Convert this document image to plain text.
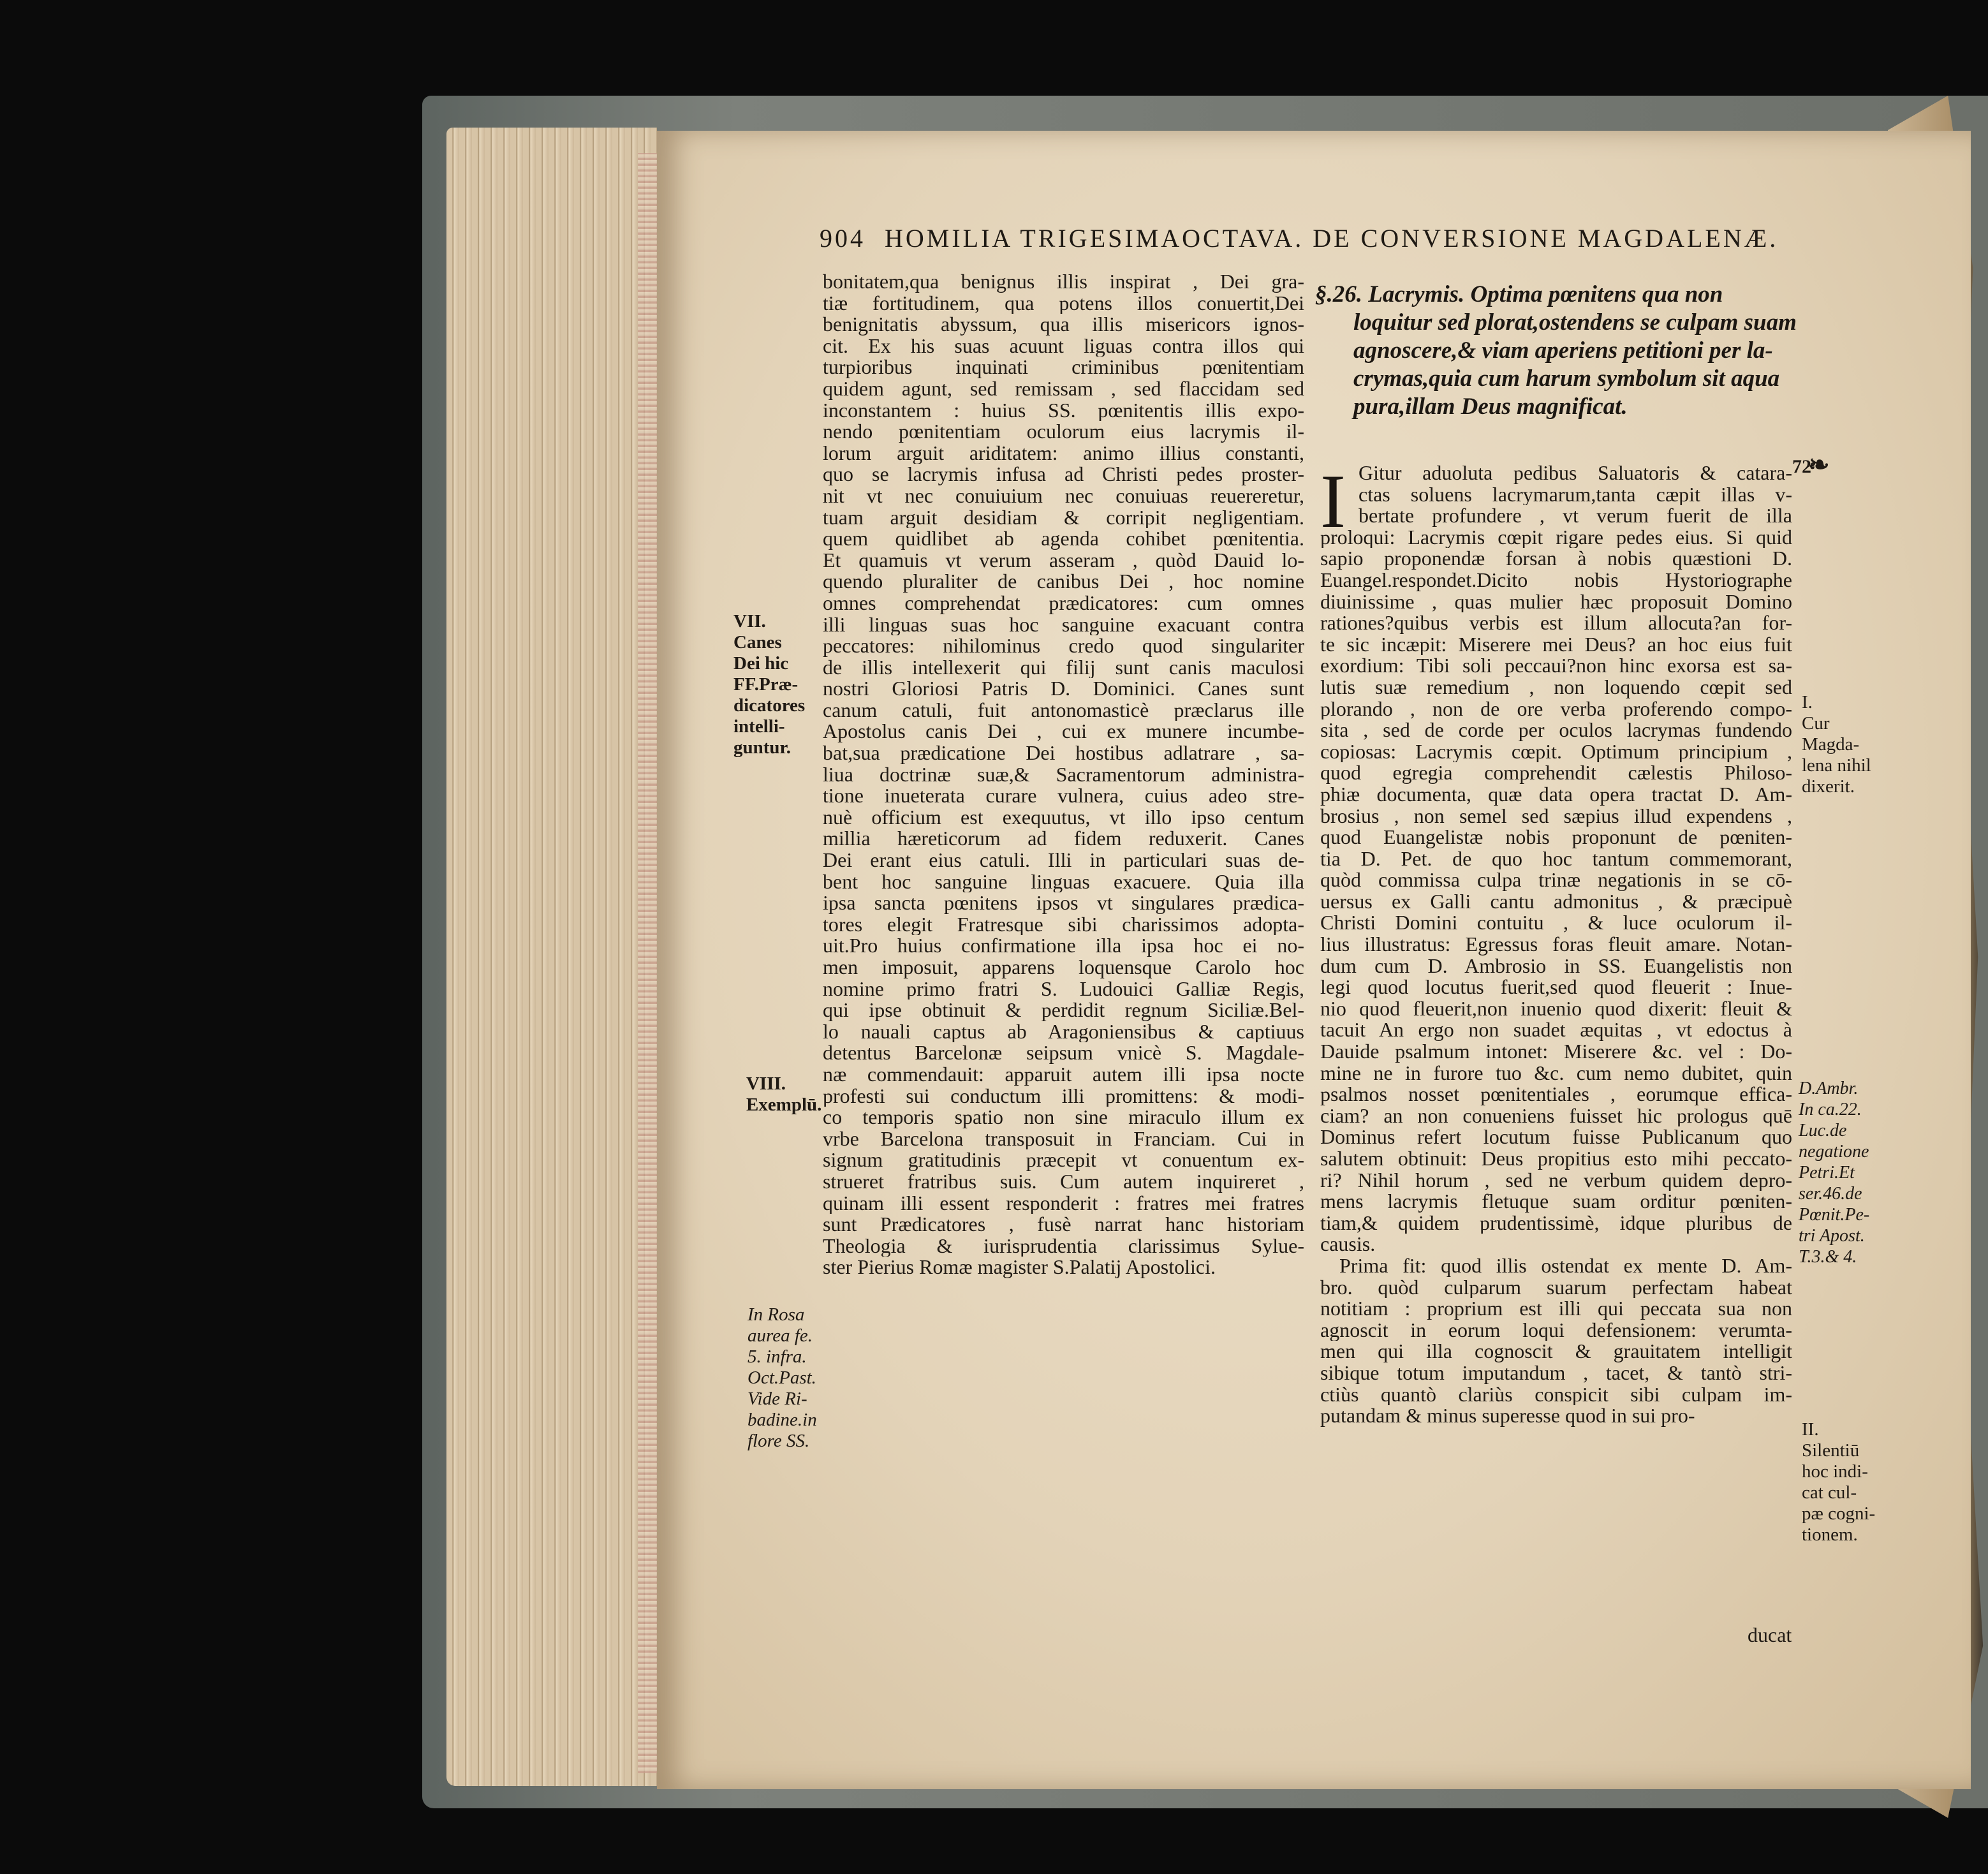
904 HOMILIA TRIGESIMAOCTAVA. DE CONVERSIONE MAGDALENÆ.
bonitatem,qua benignus illis inspirat , Dei gra-
tiæ fortitudinem, qua potens illos conuertit,Dei
benignitatis abyssum, qua illis misericors ignos-
cit. Ex his suas acuunt liguas contra illos qui
turpioribus inquinati criminibus pœnitentiam
quidem agunt, sed remissam , sed flaccidam sed
inconstantem : huius SS. pœnitentis illis expo-
nendo pœnitentiam oculorum eius lacrymis il-
lorum arguit ariditatem: animo illius constanti,
quo se lacrymis infusa ad Christi pedes proster-
nit vt nec conuiuium nec conuiuas reuereretur,
tuam arguit desidiam & corripit negligentiam.
quem quidlibet ab agenda cohibet pœnitentia.
Et quamuis vt verum asseram , quòd Dauid lo-
quendo pluraliter de canibus Dei , hoc nomine
omnes comprehendat prædicatores: cum omnes
illi linguas suas hoc sanguine exacuant contra
peccatores: nihilominus credo quod singulariter
de illis intellexerit qui filij sunt canis maculosi
nostri Gloriosi Patris D. Dominici. Canes sunt
canum catuli, fuit antonomasticè præclarus ille
Apostolus canis Dei , cui ex munere incumbe-
bat,sua prædicatione Dei hostibus adlatrare , sa-
liua doctrinæ suæ,& Sacramentorum administra-
tione inueterata curare vulnera, cuius adeo stre-
nuè officium est exequutus, vt illo ipso centum
millia hæreticorum ad fidem reduxerit. Canes
Dei erant eius catuli. Illi in particulari suas de-
bent hoc sanguine linguas exacuere. Quia illa
ipsa sancta pœnitens ipsos vt singulares prædica-
tores elegit Fratresque sibi charissimos adopta-
uit.Pro huius confirmatione illa ipsa hoc ei no-
men imposuit, apparens loquensque Carolo hoc
nomine primo fratri S. Ludouici Galliæ Regis,
qui ipse obtinuit & perdidit regnum Siciliæ.Bel-
lo nauali captus ab Aragoniensibus & captiuus
detentus Barcelonæ seipsum vnicè S. Magdale-
næ commendauit: apparuit autem illi ipsa nocte
profesti sui conductum illi promittens: & modi-
co temporis spatio non sine miraculo illum ex
vrbe Barcelona transposuit in Franciam. Cui in
signum gratitudinis præcepit vt conuentum ex-
strueret fratribus suis. Cum autem inquireret ,
quinam illi essent responderit : fratres mei fratres
sunt Prædicatores , fusè narrat hanc historiam
Theologia & iurisprudentia clarissimus Sylue-
ster Pierius Romæ magister S.Palatij Apostolici.
VII.
Canes
Dei hic
FF.Præ-
dicatores
intelli-
guntur.
VIII.
Exemplū.
In Rosa
aurea fe.
5. infra.
Oct.Past.
Vide Ri-
badine.in
flore SS.
§.26. Lacrymis. Optima pœnitens qua non
loquitur sed plorat,ostendens se culpam suam
agnoscere,& viam aperiens petitioni per la-
crymas,quia cum harum symbolum sit aqua
pura,illam Deus magnificat.
I Gitur aduoluta pedibus Saluatoris & catara-
ctas soluens lacrymarum,tanta cæpit illas v-
bertate profundere , vt verum fuerit de illa
proloqui: Lacrymis cœpit rigare pedes eius. Si quid
sapio proponendæ forsan à nobis quæstioni D.
Euangel.respondet.Dicito nobis Hystoriographe
diuinissime , quas mulier hæc proposuit Domino
rationes?quibus verbis est illum allocuta?an for-
te sic incæpit: Miserere mei Deus? an hoc eius fuit
exordium: Tibi soli peccaui?non hinc exorsa est sa-
lutis suæ remedium , non loquendo cœpit sed
plorando , non de ore verba proferendo compo-
sita , sed de corde per oculos lacrymas fundendo
copiosas: Lacrymis cœpit. Optimum principium ,
quod egregia comprehendit cælestis Philoso-
phiæ documenta, quæ data opera tractat D. Am-
brosius , non semel sed sæpius illud expendens ,
quod Euangelistæ nobis proponunt de pœniten-
tia D. Pet. de quo hoc tantum commemorant,
quòd commissa culpa trinæ negationis in se cō-
uersus ex Galli cantu admonitus , & præcipuè
Christi Domini contuitu , & luce oculorum il-
lius illustratus: Egressus foras fleuit amare. Notan-
dum cum D. Ambrosio in SS. Euangelistis non
legi quod locutus fuerit,sed quod fleuerit : Inue-
nio quod fleuerit,non inuenio quod dixerit: fleuit &
tacuit An ergo non suadet æquitas , vt edoctus à
Dauide psalmum intonet: Miserere &c. vel : Do-
mine ne in furore tuo &c. cum nemo dubitet, quin
psalmos nosset pœnitentiales , eorumque effica-
ciam? an non conueniens fuisset hic prologus quē
Dominus refert locutum fuisse Publicanum quo
salutem obtinuit: Deus propitius esto mihi peccato-
ri? Nihil horum , sed ne verbum quidem depro-
mens lacrymis fletuque suam orditur pœniten-
tiam,& quidem prudentissimè, idque pluribus de
causis.
Prima fit: quod illis ostendat ex mente D. Am-
bro. quòd culparum suarum perfectam habeat
notitiam : proprium est illi qui peccata sua non
agnoscit in eorum loqui defensionem: verumta-
men qui illa cognoscit & grauitatem intelligit
sibique totum imputandum , tacet, & tantò stri-
ctiùs quantò clariùs conspicit sibi culpam im-
putandam & minus superesse quod in sui pro-
72
❧
I.
Cur
Magda-
lena nihil
dixerit.
D.Ambr.
In ca.22.
Luc.de
negatione
Petri.Et
ser.46.de
Pœnit.Pe-
tri Apost.
T.3.& 4.
II.
Silentiū
hoc indi-
cat cul-
pæ cogni-
tionem.
ducat
